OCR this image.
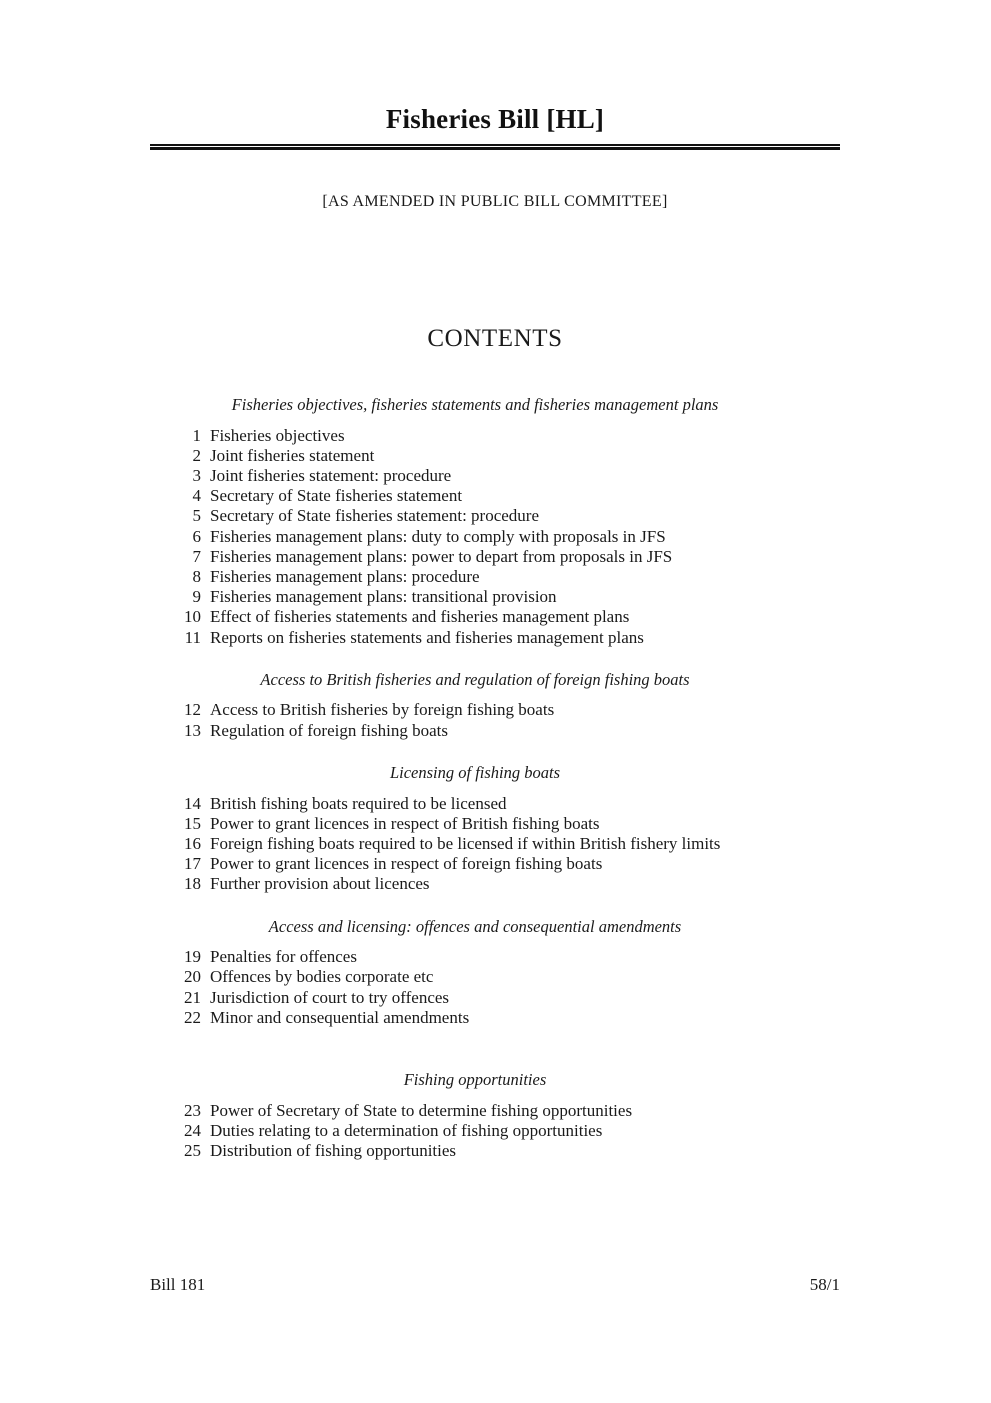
Fisheries Bill [HL]
[AS AMENDED IN PUBLIC BILL COMMITTEE]
CONTENTS
Fisheries objectives, fisheries statements and fisheries management plans
1 Fisheries objectives
2 Joint fisheries statement
3 Joint fisheries statement: procedure
4 Secretary of State fisheries statement
5 Secretary of State fisheries statement: procedure
6 Fisheries management plans: duty to comply with proposals in JFS
7 Fisheries management plans: power to depart from proposals in JFS
8 Fisheries management plans: procedure
9 Fisheries management plans: transitional provision
10 Effect of fisheries statements and fisheries management plans
11 Reports on fisheries statements and fisheries management plans
Access to British fisheries and regulation of foreign fishing boats
12 Access to British fisheries by foreign fishing boats
13 Regulation of foreign fishing boats
Licensing of fishing boats
14 British fishing boats required to be licensed
15 Power to grant licences in respect of British fishing boats
16 Foreign fishing boats required to be licensed if within British fishery limits
17 Power to grant licences in respect of foreign fishing boats
18 Further provision about licences
Access and licensing: offences and consequential amendments
19 Penalties for offences
20 Offences by bodies corporate etc
21 Jurisdiction of court to try offences
22 Minor and consequential amendments
Fishing opportunities
23 Power of Secretary of State to determine fishing opportunities
24 Duties relating to a determination of fishing opportunities
25 Distribution of fishing opportunities
Bill 181	58/1
